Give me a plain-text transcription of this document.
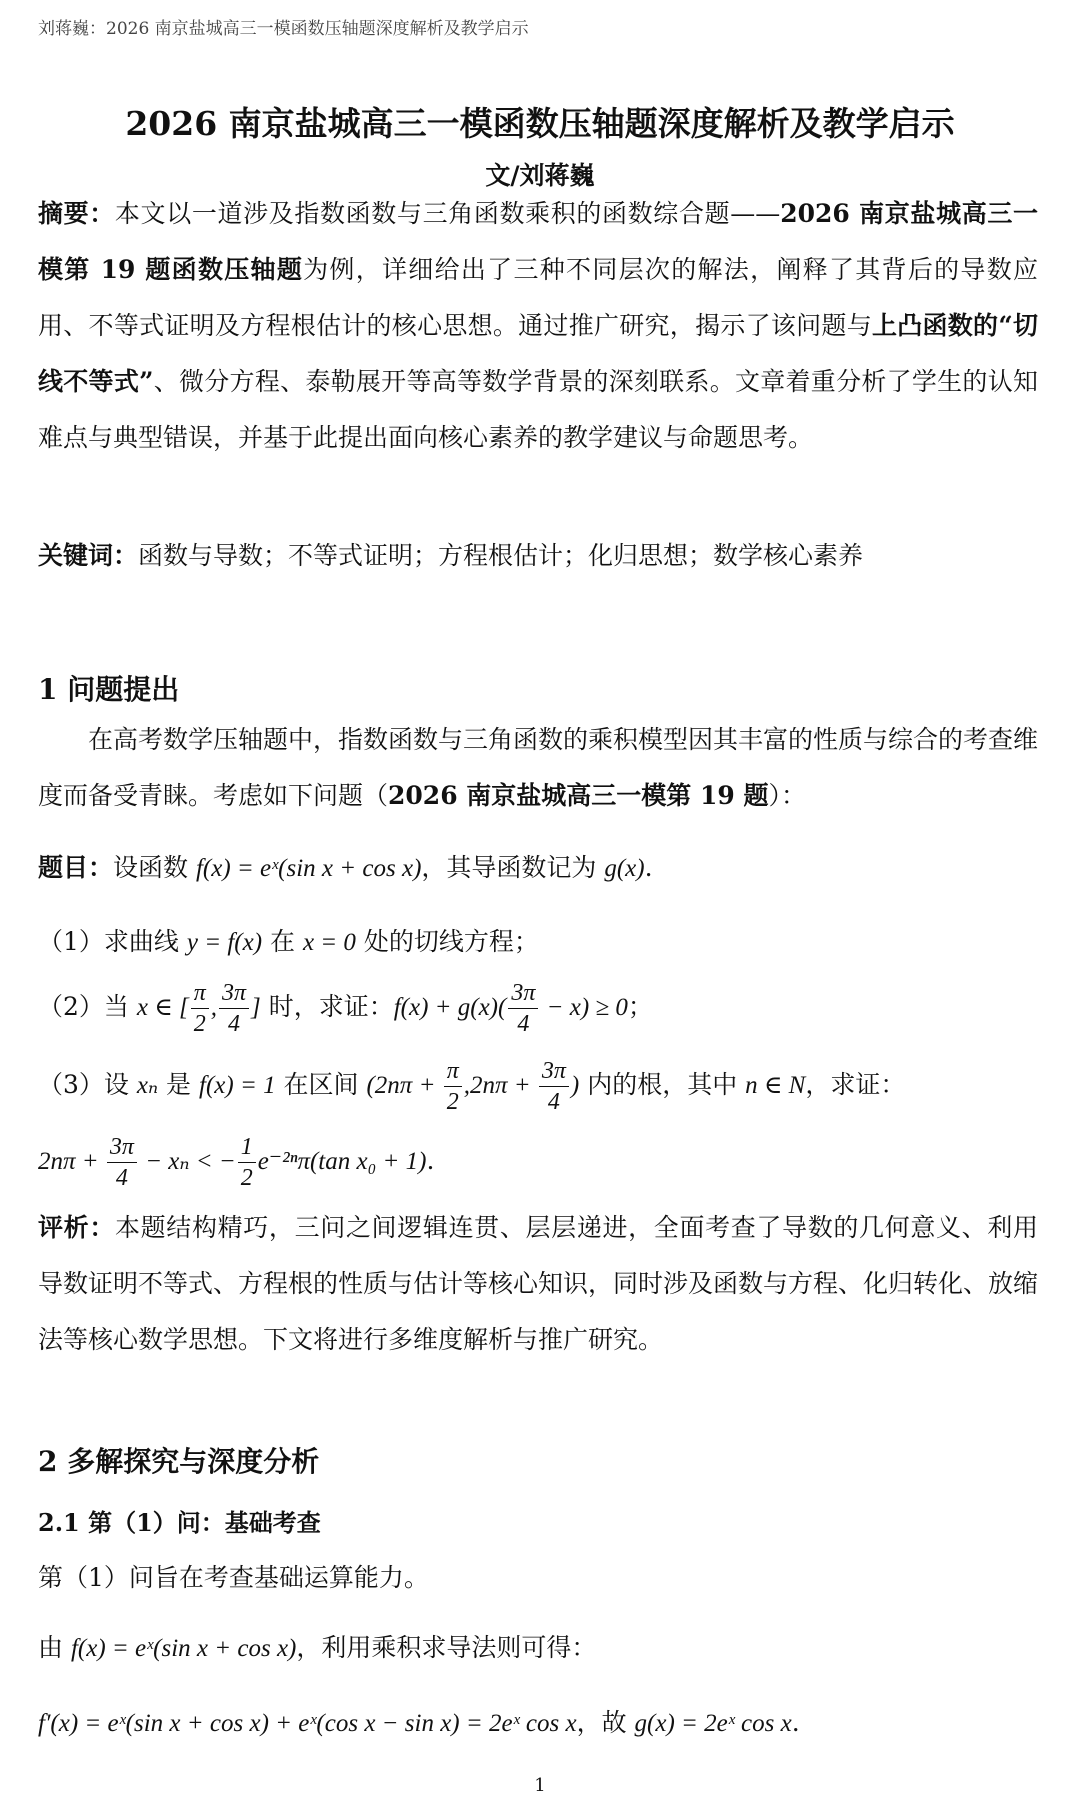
刘蒋巍：2026 南京盐城高三一模函数压轴题深度解析及教学启示
2026 南京盐城高三一模函数压轴题深度解析及教学启示
文/刘蒋巍
摘要：本文以一道涉及指数函数与三角函数乘积的函数综合题——2026 南京盐城高三一模第 19 题函数压轴题为例，详细给出了三种不同层次的解法，阐释了其背后的导数应用、不等式证明及方程根估计的核心思想。通过推广研究，揭示了该问题与上凸函数的“切线不等式”、微分方程、泰勒展开等高等数学背景的深刻联系。文章着重分析了学生的认知难点与典型错误，并基于此提出面向核心素养的教学建议与命题思考。
关键词：函数与导数；不等式证明；方程根估计；化归思想；数学核心素养
1 问题提出
在高考数学压轴题中，指数函数与三角函数的乘积模型因其丰富的性质与综合的考查维度而备受青睐。考虑如下问题（2026 南京盐城高三一模第 19 题）：
题目：设函数 f(x) = eˣ(sin x + cos x)，其导函数记为 g(x).
（1）求曲线 y = f(x) 在 x = 0 处的切线方程；
（2）当 x ∈ [ $\frac{\pi}{2}$ , $\frac{3\pi}{4}$ ] 时，求证：$f(x) + g(x)( \frac{3\pi}{4} - x) \ge 0$；
（3）设 xₙ 是 f(x) = 1 在区间 ($2n\pi + \frac{\pi}{2} ,2n\pi + \frac{3\pi}{4}$ ) 内的根，其中 n ∈ N，求证：
$2n\pi + \frac{3\pi}{4} - x_n$ < − $\frac{1}{2} e^{-2n}\pi(\tan$ x₀ + 1).
评析：本题结构精巧，三问之间逻辑连贯、层层递进，全面考查了导数的几何意义、利用导数证明不等式、方程根的性质与估计等核心知识，同时涉及函数与方程、化归转化、放缩法等核心数学思想。下文将进行多维度解析与推广研究。
2 多解探究与深度分析
2.1 第（1）问：基础考查
第（1）问旨在考查基础运算能力。
由 f(x) = eˣ(sin x + cos x)，利用乘积求导法则可得：
f′(x) = eˣ(sin x + cos x) + eˣ(cos x − sin x) = 2eˣ cos x，故 g(x) = 2eˣ cos x.
1
